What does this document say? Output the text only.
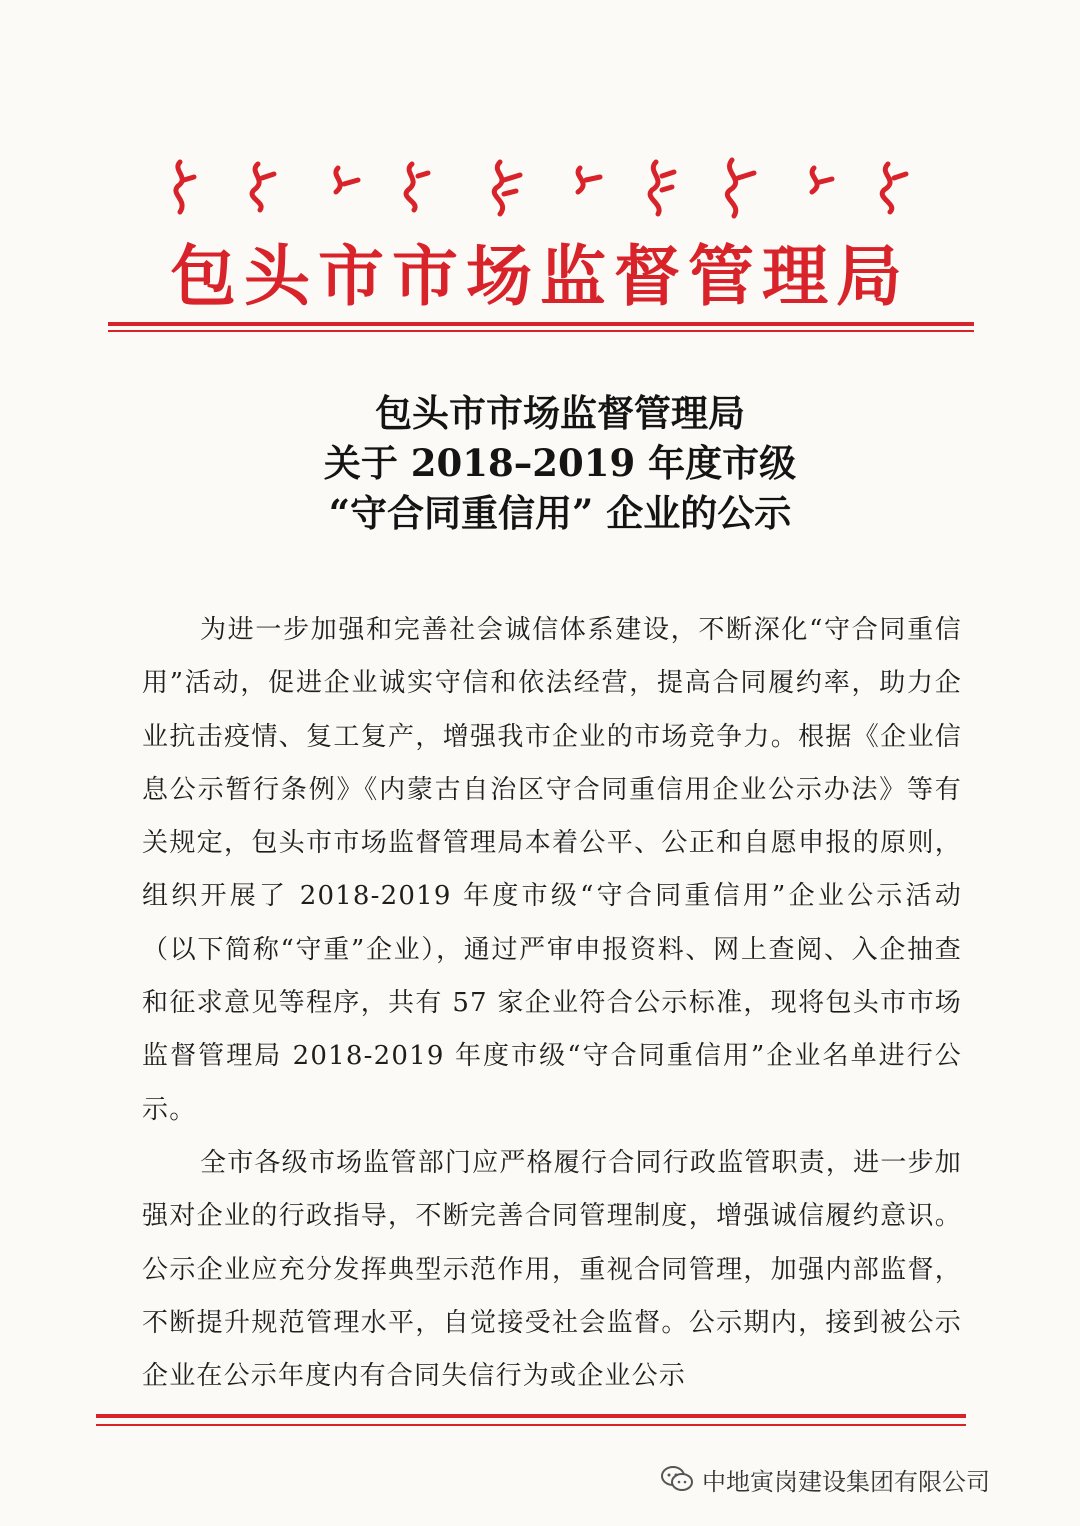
包头市市场监督管理局
包头市市场监督管理局
关于 2018–2019 年度市级
“守合同重信用” 企业的公示

为进一步加强和完善社会诚信体系建设，不断深化“守合同重信用”活动，促进企业诚实守信和依法经营，提高合同履约率，助力企业抗击疫情、复工复产，增强我市企业的市场竞争力。根据《企业信息公示暂行条例》《内蒙古自治区守合同重信用企业公示办法》等有关规定，包头市市场监督管理局本着公平、公正和自愿申报的原则，组织开展了 2018-2019 年度市级“守合同重信用”企业公示活动（以下简称“守重”企业），通过严审申报资料、网上查阅、入企抽查和征求意见等程序，共有 57 家企业符合公示标准，现将包头市市场监督管理局 2018-2019 年度市级“守合同重信用”企业名单进行公示。

全市各级市场监管部门应严格履行合同行政监管职责，进一步加强对企业的行政指导，不断完善合同管理制度，增强诚信履约意识。公示企业应充分发挥典型示范作用，重视合同管理，加强内部监督，不断提升规范管理水平，自觉接受社会监督。公示期内，接到被公示企业在公示年度内有合同失信行为或企业公示

中地寅岗建设集团有限公司
